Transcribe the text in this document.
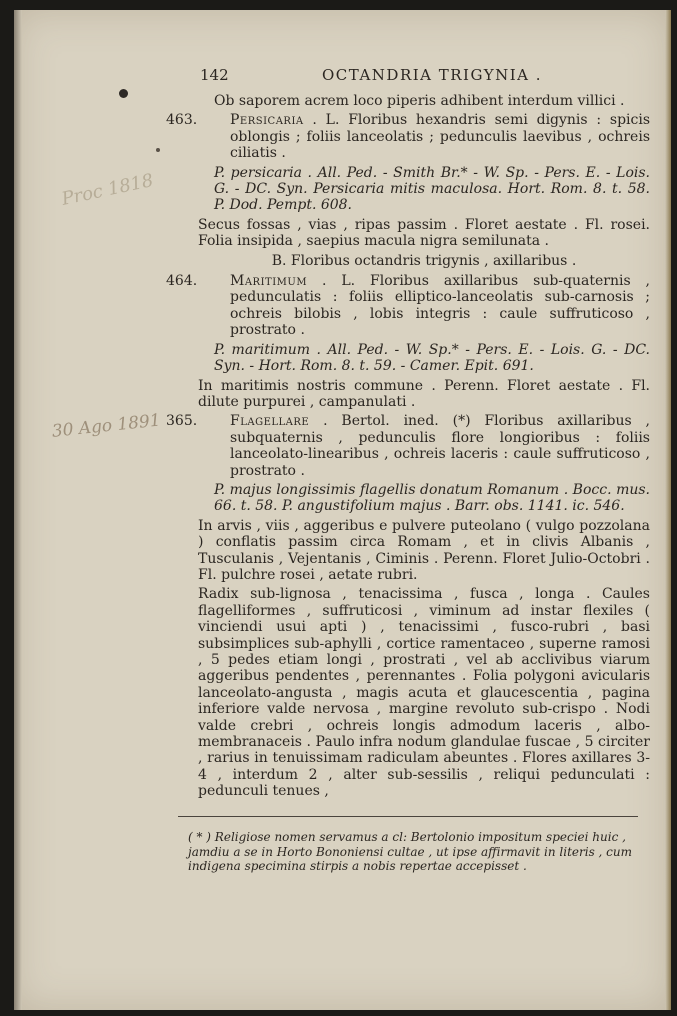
Proc 1818
30 Ago 1891
142	OCTANDRIA TRIGYNIA .

Ob saporem acrem loco piperis adhibent interdum villici .

463. Persicaria . L. Floribus hexandris semi digynis : spicis oblongis ; foliis lanceolatis ; pedunculis laevibus , ochreis ciliatis .

P. persicaria . All. Ped. - Smith Br.* - W. Sp. - Pers. E. - Lois. G. - DC. Syn. Persicaria mitis maculosa. Hort. Rom. 8. t. 58. P. Dod. Pempt. 608.

Secus fossas , vias , ripas passim . Floret aestate . Fl. rosei. Folia insipida , saepius macula nigra semilunata .

B. Floribus octandris trigynis , axillaribus .

464. Maritimum . L. Floribus axillaribus sub-quaternis , pedunculatis : foliis elliptico-lanceolatis sub-carnosis ; ochreis bilobis , lobis integris : caule suffruticoso , prostrato .

P. maritimum . All. Ped. - W. Sp.* - Pers. E. - Lois. G. - DC. Syn. - Hort. Rom. 8. t. 59. - Camer. Epit. 691.

In maritimis nostris commune . Perenn. Floret aestate . Fl. dilute purpurei , campanulati .

365. Flagellare . Bertol. ined. (*) Floribus axillaribus , subquaternis , pedunculis flore longioribus : foliis lanceolato-linearibus , ochreis laceris : caule suffruticoso , prostrato .

P. majus longissimis flagellis donatum Romanum . Bocc. mus. 66. t. 58. P. angustifolium majus . Barr. obs. 1141. ic. 546.

In arvis , viis , aggeribus e pulvere puteolano ( vulgo pozzolana ) conflatis passim circa Romam , et in clivis Albanis , Tusculanis , Vejentanis , Ciminis . Perenn. Floret Julio-Octobri . Fl. pulchre rosei , aetate rubri.

Radix sub-lignosa , tenacissima , fusca , longa . Caules flagelliformes , suffruticosi , viminum ad instar flexiles ( vinciendi usui apti ) , tenacissimi , fusco-rubri , basi subsimplices sub-aphylli , cortice ramentaceo , superne ramosi , 5 pedes etiam longi , prostrati , vel ab acclivibus viarum aggeribus pendentes , perennantes . Folia polygoni avicularis lanceolato-angusta , magis acuta et glaucescentia , pagina inferiore valde nervosa , margine revoluto sub-crispo . Nodi valde crebri , ochreis longis admodum laceris , albo-membranaceis . Paulo infra nodum glandulae fuscae , 5 circiter , rarius in tenuissimam radiculam abeuntes . Flores axillares 3-4 , interdum 2 , alter sub-sessilis , reliqui pedunculati : pedunculi tenues ,

( * ) Religiose nomen servamus a cl: Bertolonio impositum speciei huic , jamdiu a se in Horto Bononiensi cultae , ut ipse affirmavit in literis , cum indigena specimina stirpis a nobis repertae accepisset .
